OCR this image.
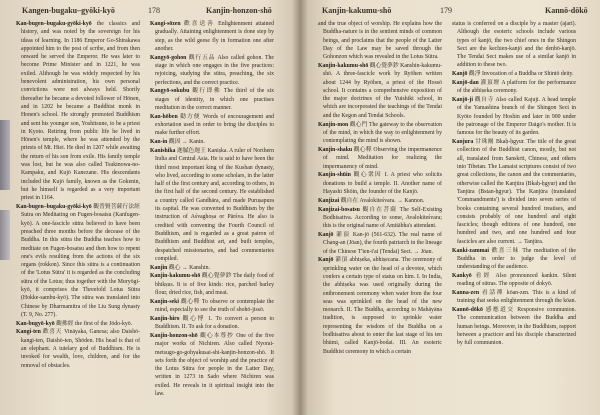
Kangen-bugaku–gyōki-kyō	178	Kanjin-honzon-shō

Kan-bugen–bugaku-gyōki-kyō the classics and history, and was noted by the sovereign for his ideas of learning. In 1186 Emperor Go-Shirakawa appointed him to the post of scribe, and from then onward he served the Emperor. He was later to become Prime Minister and in 1221, he was exiled. Although he was widely respected by his benevolent administration, his own personal convictions were not always held. Shortly thereafter he became a devoted follower of Hōnen, and in 1202 he became a Buddhist monk in Honen's school. He strongly promoted Buddhism and sent his younger son, Yoshitsune, to be a priest in Kyoto. Retiring from public life he lived in Hōnen's temple, where he was attended by the priests of Mt. Hiei. He died in 1207 while awaiting the return of his son from exile. His family temple was lost, but he was also called Tsukinowa-no-Kampaku, and Kujō Kanezane. His descendants included the Kujō family, known as the Gokenin, but he himself is regarded as a very important priest in 1164.

Kan-bugen–bugaku-gyōki-kyō 觀普賢菩薩行法經 Sutra on Meditating on Fugen-bosatsu (Kanfugen-kyō). A one-fascicle sūtra believed to have been preached three months before the decease of the Buddha. In this sūtra the Buddha teaches how to meditate on Fugen-bosatsu and then how to repent one's evils resulting from the actions of the six organs (rokkon). Since this sūtra is a continuation of the 'Lotus Sūtra' it is regarded as the concluding sūtra of the Lotus; thus together with the Muryōgi-kyō, it comprises the Threefold Lotus Sūtra (Hokke-sambu-kyō). The sūtra was translated into Chinese by Dharmamitra of the Liu Sung dynasty (T. 9, No. 277).

Kan-bugyō-kyō 觀佛經 the first of the Jōdo-kyō.

Kangi-ten 歡喜天 Vināyaka, Ganesa; also Daishō-kangi-ten, Daishō-ten, Shōden. His head is that of an elephant. A tutelary god of Buddhism. He is invoked for wealth, love, children, and for the removal of obstacles.

Kangi-sōzen 歡喜送善 Enlightenment attained gradually. Attaining enlightenment is done step by step, as the wild geese fly in formation one after another.

Kangyō-gohon 觀行五品 Also called gohon. The stage in which one engages in the five practices: rejoicing, studying the sūtra, preaching, the six perfections, and the correct practice.

Kangyō-sokubu 觀行即佛 The third of the six stages of identity, in which one practises meditation in the correct manner.

Kan-hōben 勸方便 Words of encouragement and exhortation used in order to bring the disciples to make further effort.

Kan-in 觀因 → Kanin.

Kanishika 迦膩色迦王 Kaniṣka. A ruler of Northern India and Central Asia. He is said to have been the third most important king of the Kushan dynasty, who lived, according to some scholars, in the latter half of the first century and, according to others, in the first half of the second century. He established a country called Gandhāra, and made Puruṣapura its capital. He was converted to Buddhism by the instruction of Aśvaghoṣa or Pārśva. He also is credited with convening the Fourth Council of Buddhism, and is regarded as a great patron of Buddhism and Buddhist art, and built temples, despatched missionaries, and had commentaries compiled.

Kanjin 觀心 → Kanshin.

Kanjin-kakumu-shō 觀心覺夢鈔 The daily food of bhikṣus. It is of five kinds: rice, parched barley flour, dried rice, fish, and meat.

Kanjin-seki 觀心釋 To observe or contemplate the mind, especially to see the truth of shohō-jissō.

Kanjin-hiro 觀心博 1. To convert a person to Buddhism. II. To ask for a donation.

Kanjin-honzon-shō 觀心本尊抄 One of the five major works of Nichiren. Also called Nyorai-metsugo-go-gohyakusai-shi-kanjin-honzon-shō. It sets forth the object of worship and the practice of the Lotus Sūtra for people in the Latter Day, written in 1273 in Sado where Nichiren was exiled. He reveals in it spiritual insight into the law.

Kanjin-kakumu-shō	179	Kannō-dōkō

and the true object of worship. He explains how the Buddha-nature is in the sentient minds of common beings, and proclaims that the people of the Latter Day of the Law may be saved through the Gohonzon which was revealed in the Lotus Sūtra.

Kanjin-kakumu-shō 觀心覺夢鈔 Kanshin-kakumu-shō. A three-fascicle work by Ryōhen written about 1244 by Ryōhen, a priest of the Hossō school. It contains a comprehensive exposition of the major doctrines of the Yuishiki school, in which are incorporated the teachings of the Tendai and the Kegon and Tendai Schools.

Kanjin-mon 觀心門 The gateway to the observation of the mind, in which the way to enlightenment by contemplating the mind is shown.

Kanjin-shaku 觀心釋 Observing the impermanence of mind. Meditation for realizing the impermanency of mind.

Kanjin-shūin 觀心衆因 I. A priest who solicits donations to build a temple. II. Another name of Hayashi Shōin, the founder of the Kanjō.

Kanjizai 觀自在 Avalokiteśvara. → Kannon.

Kanjizai-bosatsu 觀自在菩薩 The Self-Existing Bodhisattva. According to some, Avalokiteśvara; this is the original name of Amitābha's attendant.

Kanjō 灌頂 Kan-jō (561-632). The real name of Chang-an (Jōan), the fourth patriarch in the lineage of the Chinese T'ien-t'ai (Tendai) Sect. → Jōan.

Kanjō 灌頂 abhiṣeka, abhiṣecana. The ceremony of sprinkling water on the head of a devotee, which confers a certain type of status on him. I. In India, the abhiṣeka was used originally during the enthronement ceremony when water from the four seas was sprinkled on the head of the new monarch. II. The Buddha, according to Mahāyāna tradition, is supposed to sprinkle water representing the wisdom of the Buddha on a bodhisattva about to enter the last stage of his ten bhūmi, called Kanjō-bodai. III. An esoteric Buddhist ceremony in which a certain

status is conferred on a disciple by a master (ajari). Although the esoteric schools include various types of kanjō, the two chief ones in the Shingon Sect are the kechien-kanjō and the denbō-kanjō. The Tendai Sect makes use of a similar kanjō in addition to these two.

Kanjō 觀淨 Invocation of a Buddha or Shintō deity.

Kanjō-dan 灌頂壇 A platform for the performance of the abhiṣeka ceremony.

Kanjō-ji 觀自寺 Also called Kajuji. A head temple of the Yamashina branch of the Shingon Sect in Kyōto founded by Hoshin and later in 900 under the patronage of the Emperor Daigo's mother. It is famous for the beauty of its garden.

Kanjura 甘珠爾 Bkaḥ-ḥgyur. The title of the great collection of the Buddhist canon, mostly, but not all, translated from Sanskrit, Chinese, and others into Tibetan. The Lamaist scriptures consist of two great collections, the canon and the commentaries, otherwise called the Kanjūra (Bkaḥ-ḥgyur) and the Tanjūra (Bstan-ḥgyur). The Kanjūra (translated 'Commandments') is divided into seven series of books containing several hundred treatises, and consists probably of one hundred and eight fascicles; though editions of one hundred, one hundred and two, and one hundred and four fascicles are also current. → Tanjūra.

Kanki-zammai 歡喜三昧 The meditation of the Buddha in order to judge the level of understanding of the audience.

Kankyō 看經 Also pronounced kankin. Silent reading of sūtras. The opposite of dokyō.

Kanna-zen 看話禪 kōan-zen. This is a kind of training that seeks enlightenment through the kōan.

Kannō-dōkō 感應道交 Responsive communion. The communication between the Buddha and human beings. Moreover, in the Buddhism, rapport between a practicer and his disciple characterized by full communion.
